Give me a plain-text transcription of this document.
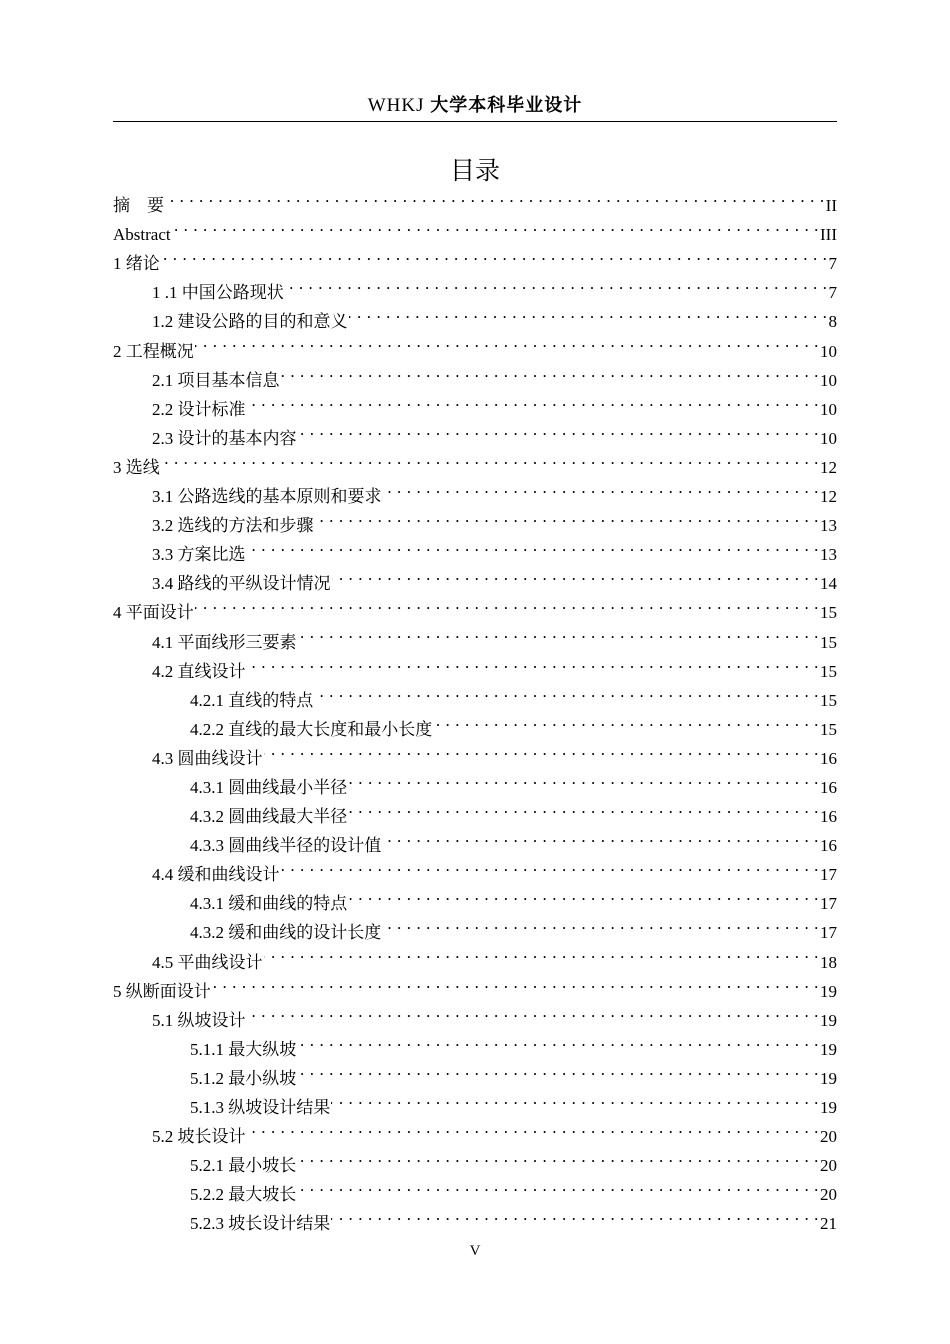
WHKJ 大学本科毕业设计
目录
摘　要 . . .	II
Abstract . . .	III
1 绪论 . . .	7
1 .1 中国公路现状 . . .	7
1.2 建设公路的目的和意义 . . .	8
2 工程概况 . . .	10
2.1 项目基本信息 . . .	10
2.2 设计标准 . . .	10
2.3 设计的基本内容 . . .	10
3 选线 . . .	12
3.1 公路选线的基本原则和要求 . . .	12
3.2 选线的方法和步骤 . . .	13
3.3 方案比选 . . .	13
3.4 路线的平纵设计情况 . . .	14
4 平面设计 . . .	15
4.1 平面线形三要素 . . .	15
4.2 直线设计 . . .	15
4.2.1 直线的特点 . . .	15
4.2.2 直线的最大长度和最小长度 . . .	15
4.3 圆曲线设计 . . .	16
4.3.1 圆曲线最小半径 . . .	16
4.3.2 圆曲线最大半径 . . .	16
4.3.3 圆曲线半径的设计值 . . .	16
4.4 缓和曲线设计 . . .	17
4.3.1 缓和曲线的特点 . . .	17
4.3.2 缓和曲线的设计长度 . . .	17
4.5 平曲线设计 . . .	18
5 纵断面设计 . . .	19
5.1 纵坡设计 . . .	19
5.1.1 最大纵坡 . . .	19
5.1.2 最小纵坡 . . .	19
5.1.3 纵坡设计结果 . . .	19
5.2 坡长设计 . . .	20
5.2.1 最小坡长 . . .	20
5.2.2 最大坡长 . . .	20
5.2.3 坡长设计结果 . . .	21
V
